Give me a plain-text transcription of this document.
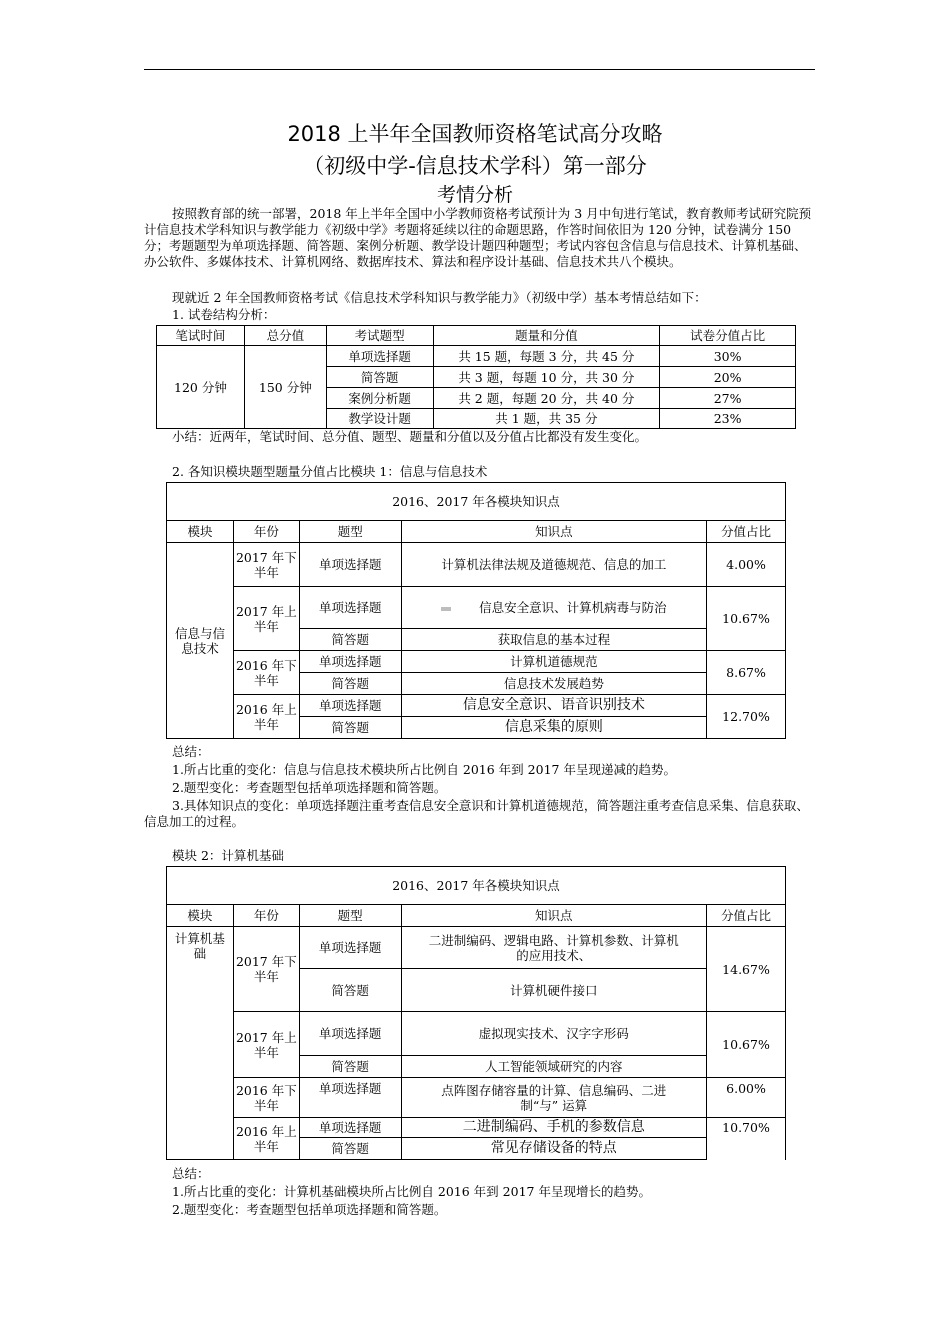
2018 上半年全国教师资格笔试高分攻略
（初级中学-信息技术学科）第一部分
考情分析
按照教育部的统一部署，2018 年上半年全国中小学教师资格考试预计为 3 月中旬进行笔试，教育教师考试研究院预计信息技术学科知识与教学能力《初级中学》考题将延续以往的命题思路，作答时间依旧为 120 分钟，试卷满分 150 分；考题题型为单项选择题、简答题、案例分析题、教学设计题四种题型；考试内容包含信息与信息技术、计算机基础、办公软件、多媒体技术、计算机网络、数据库技术、算法和程序设计基础、信息技术共八个模块。
现就近 2 年全国教师资格考试《信息技术学科知识与教学能力》（初级中学）基本考情总结如下：
1. 试卷结构分析：
笔试时间	总分值	考试题型	题量和分值	试卷分值占比
120 分钟	150 分钟	单项选择题	共 15 题，每题 3 分，共 45 分	30%
		简答题	共 3 题，每题 10 分，共 30 分	20%
		案例分析题	共 2 题，每题 20 分，共 40 分	27%
		教学设计题	共 1 题，共 35 分	23%
小结：近两年，笔试时间、总分值、题型、题量和分值以及分值占比都没有发生变化。
2. 各知识模块题型题量分值占比模块 1：信息与信息技术
2016、2017 年各模块知识点				
模块	年份	题型	知识点	分值占比
信息与信息技术	2017 年下半年	单项选择题	计算机法律法规及道德规范、信息的加工	4.00%
	2017 年上半年	单项选择题	信息安全意识、计算机病毒与防治	10.67%
		简答题	获取信息的基本过程	
	2016 年下半年	单项选择题	计算机道德规范	8.67%
		简答题	信息技术发展趋势	
	2016 年上半年	单项选择题	信息安全意识、语音识别技术	12.70%
		简答题	信息采集的原则	
总结：
1.所占比重的变化：信息与信息技术模块所占比例自 2016 年到 2017 年呈现递减的趋势。
2.题型变化：考查题型包括单项选择题和简答题。
3.具体知识点的变化：单项选择题注重考查信息安全意识和计算机道德规范，简答题注重考查信息采集、信息获取、信息加工的过程。
模块 2：计算机基础
2016、2017 年各模块知识点				
模块	年份	题型	知识点	分值占比
计算机基础	2017 年下半年	单项选择题	二进制编码、逻辑电路、计算机参数、计算机的应用技术、	14.67%
		简答题	计算机硬件接口	
	2017 年上半年	单项选择题	虚拟现实技术、汉字字形码	10.67%
		简答题	人工智能领域研究的内容	
	2016 年下半年	单项选择题	点阵图存储容量的计算、信息编码、二进制“与” 运算	6.00%
	2016 年上半年	单项选择题	二进制编码、手机的参数信息	10.70%
		简答题	常见存储设备的特点	
总结：
1.所占比重的变化：计算机基础模块所占比例自 2016 年到 2017 年呈现增长的趋势。
2.题型变化：考查题型包括单项选择题和简答题。
